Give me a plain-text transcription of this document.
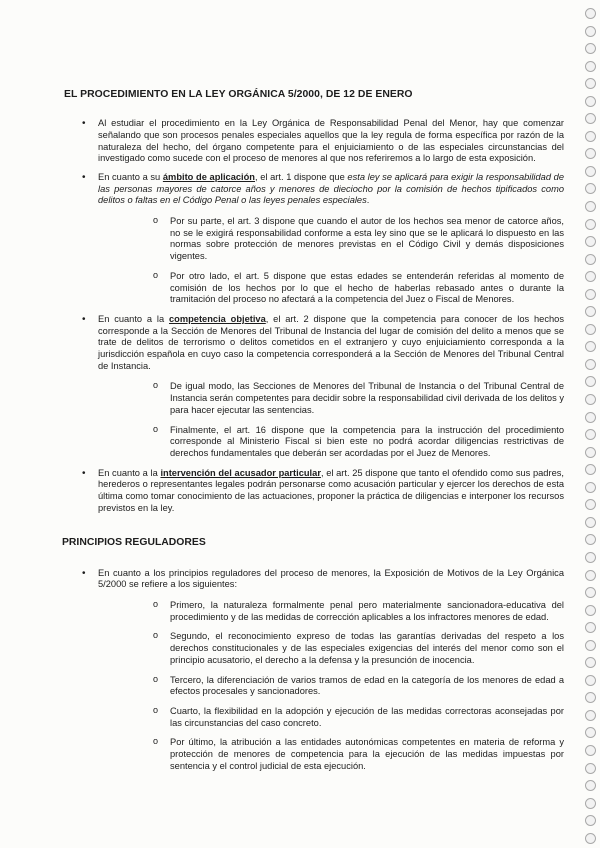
EL PROCEDIMIENTO EN LA LEY ORGÁNICA 5/2000, DE 12 DE ENERO
• Al estudiar el procedimiento en la Ley Orgánica de Responsabilidad Penal del Menor, hay que comenzar señalando que son procesos penales especiales aquellos que la ley regula de forma específica por razón de la naturaleza del hecho, del órgano competente para el enjuiciamiento o de las especiales circunstancias del investigado como sucede con el proceso de menores al que nos referiremos a lo largo de esta exposición.
• En cuanto a su ámbito de aplicación, el art. 1 dispone que esta ley se aplicará para exigir la responsabilidad de las personas mayores de catorce años y menores de dieciocho por la comisión de hechos tipificados como delitos o faltas en el Código Penal o las leyes penales especiales.
o Por su parte, el art. 3 dispone que cuando el autor de los hechos sea menor de catorce años, no se le exigirá responsabilidad conforme a esta ley sino que se le aplicará lo dispuesto en las normas sobre protección de menores previstas en el Código Civil y demás disposiciones vigentes.
o Por otro lado, el art. 5 dispone que estas edades se entenderán referidas al momento de comisión de los hechos por lo que el hecho de haberlas rebasado antes o durante la tramitación del proceso no afectará a la competencia del Juez o Fiscal de Menores.
• En cuanto a la competencia objetiva, el art. 2 dispone que la competencia para conocer de los hechos corresponde a la Sección de Menores del Tribunal de Instancia del lugar de comisión del delito a menos que se trate de delitos de terrorismo o delitos cometidos en el extranjero y cuyo enjuiciamiento corresponda a la jurisdicción española en cuyo caso la competencia corresponderá a la Sección de Menores del Tribunal Central de Instancia.
o De igual modo, las Secciones de Menores del Tribunal de Instancia o del Tribunal Central de Instancia serán competentes para decidir sobre la responsabilidad civil derivada de los delitos y para hacer ejecutar las sentencias.
o Finalmente, el art. 16 dispone que la competencia para la instrucción del procedimiento corresponde al Ministerio Fiscal si bien este no podrá acordar diligencias restrictivas de derechos fundamentales que deberán ser acordadas por el Juez de Menores.
• En cuanto a la intervención del acusador particular, el art. 25 dispone que tanto el ofendido como sus padres, herederos o representantes legales podrán personarse como acusación particular y ejercer los derechos de esta última como tomar conocimiento de las actuaciones, proponer la práctica de diligencias e interponer los recursos previstos en la ley.
PRINCIPIOS REGULADORES
• En cuanto a los principios reguladores del proceso de menores, la Exposición de Motivos de la Ley Orgánica 5/2000 se refiere a los siguientes:
o Primero, la naturaleza formalmente penal pero materialmente sancionadora-educativa del procedimiento y de las medidas de corrección aplicables a los infractores menores de edad.
o Segundo, el reconocimiento expreso de todas las garantías derivadas del respeto a los derechos constitucionales y de las especiales exigencias del interés del menor como son el principio acusatorio, el derecho a la defensa y la presunción de inocencia.
o Tercero, la diferenciación de varios tramos de edad en la categoría de los menores de edad a efectos procesales y sancionadores.
o Cuarto, la flexibilidad en la adopción y ejecución de las medidas correctoras aconsejadas por las circunstancias del caso concreto.
o Por último, la atribución a las entidades autonómicas competentes en materia de reforma y protección de menores de competencia para la ejecución de las medidas impuestas por sentencia y el control judicial de esta ejecución.
